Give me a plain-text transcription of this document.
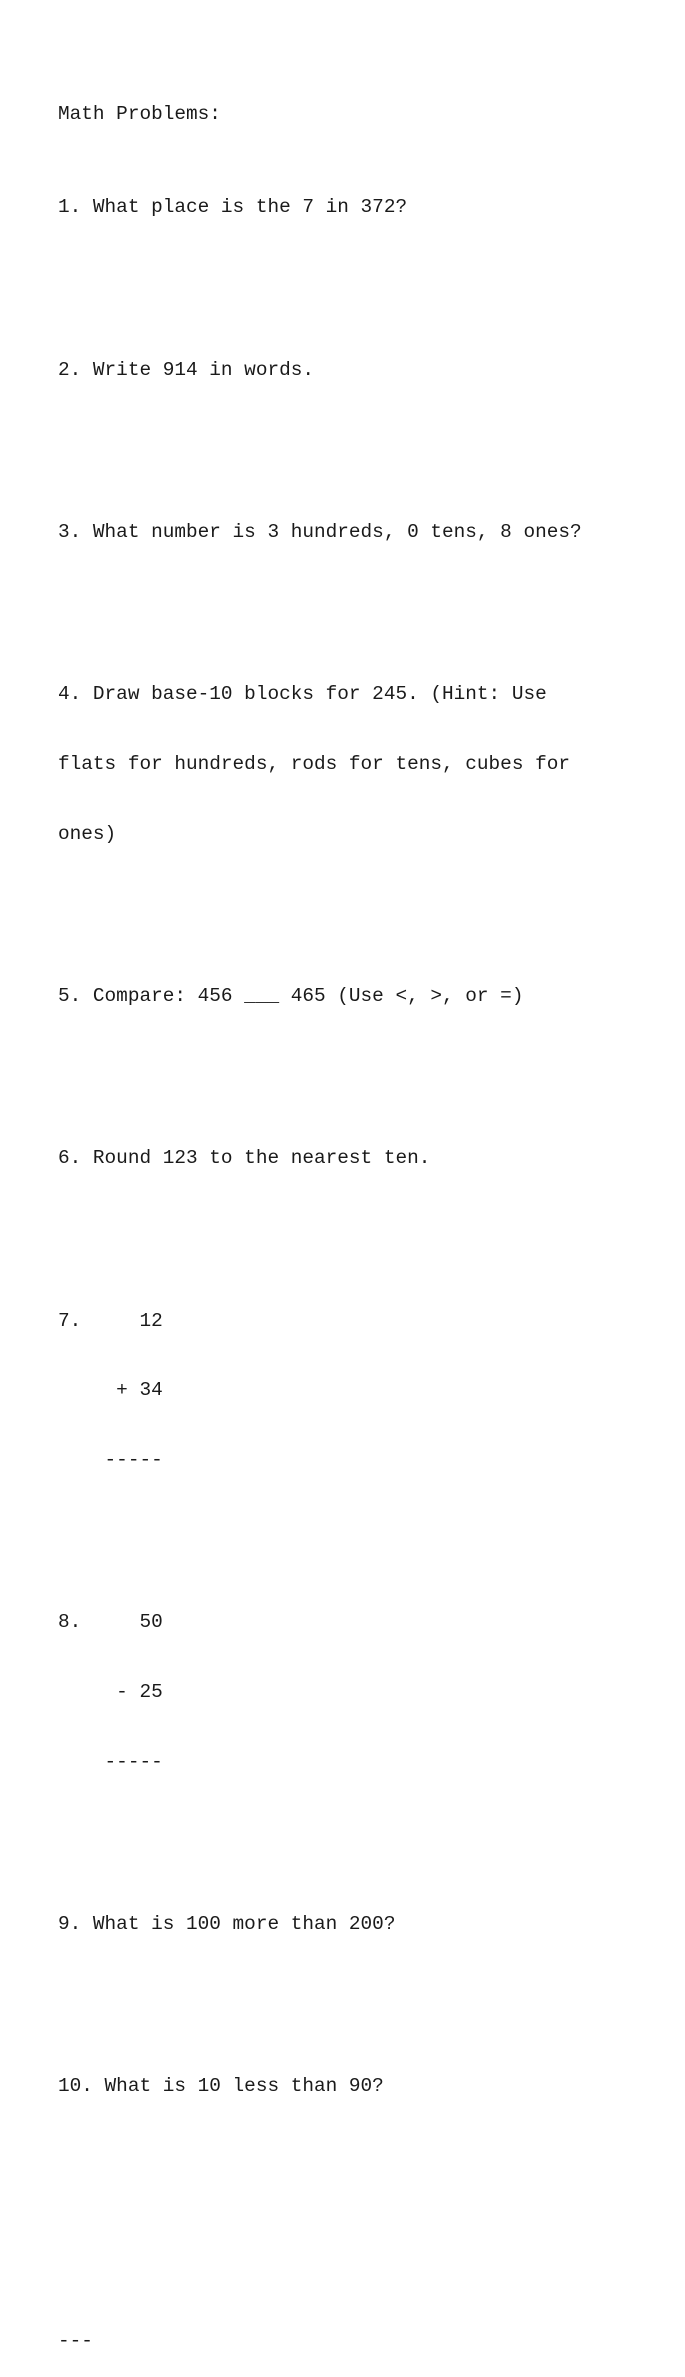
Math Problems:

1. What place is the 7 in 372?

2. Write 914 in words.

3. What number is 3 hundreds, 0 tens, 8 ones?

4. Draw base-10 blocks for 245. (Hint: Use

flats for hundreds, rods for tens, cubes for

ones)

5. Compare: 456 ___ 465 (Use <, >, or =)

6. Round 123 to the nearest ten.

7.     12

+ 34

-----

8.     50

- 25

-----

9. What is 100 more than 200?

10. What is 10 less than 90?

---
